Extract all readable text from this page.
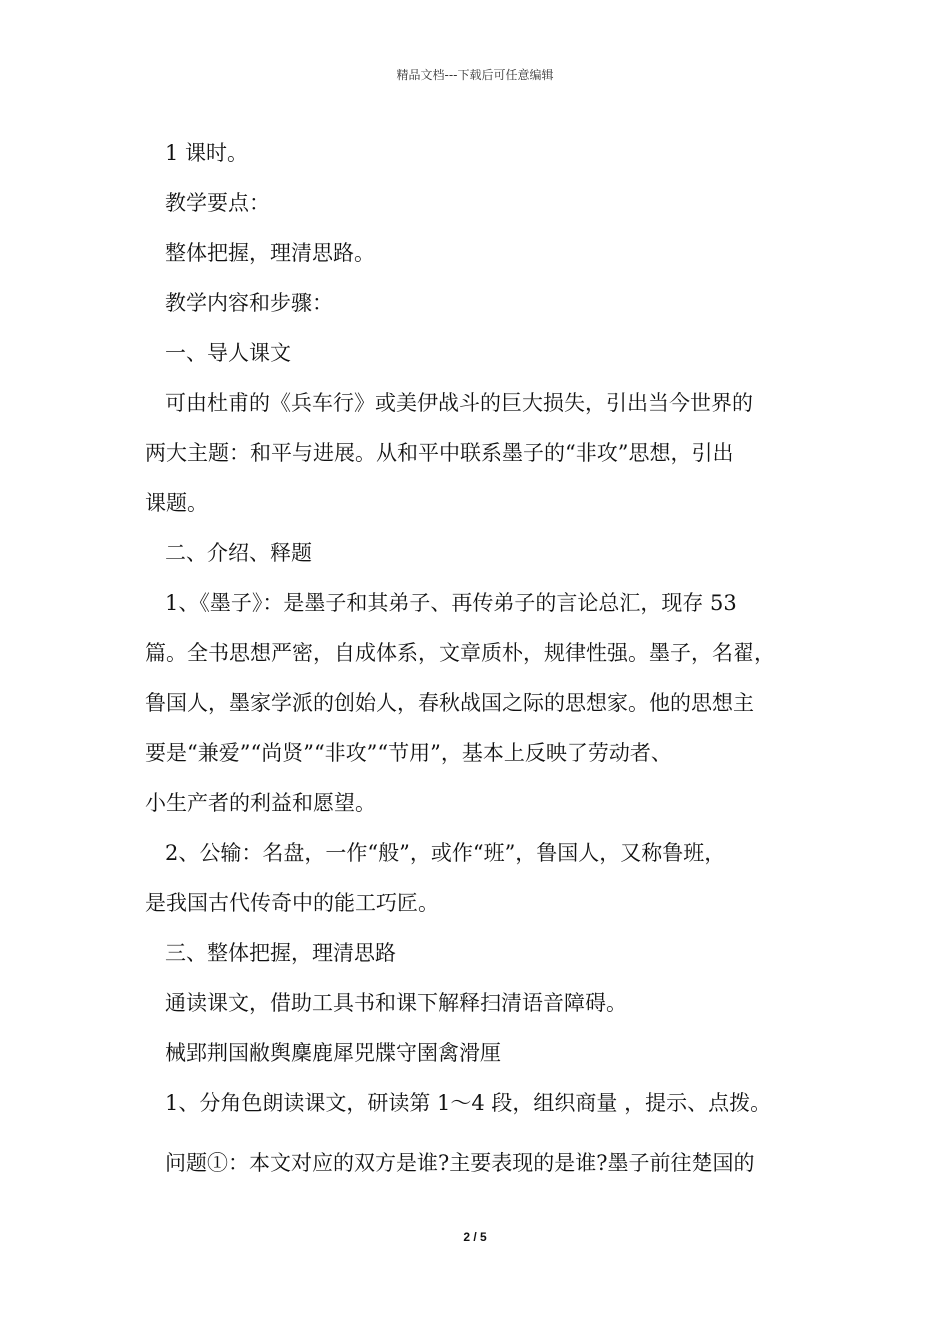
精品文档---下载后可任意编辑
1 课时。
教学要点：
整体把握，理清思路。
教学内容和步骤：
一、导人课文
可由杜甫的《兵车行》或美伊战斗的巨大损失，引出当今世界的
两大主题：和平与进展。从和平中联系墨子的“非攻”思想，引出
课题。
二、介绍、释题
1、《墨子》：是墨子和其弟子、再传弟子的言论总汇，现存 53
篇。全书思想严密，自成体系，文章质朴，规律性强。墨子，名翟，
鲁国人，墨家学派的创始人，春秋战国之际的思想家。他的思想主
要是“兼爱”“尚贤”“非攻”“节用”，基本上反映了劳动者、
小生产者的利益和愿望。
2、公输：名盘，一作“般”，或作“班”，鲁国人，又称鲁班，
是我国古代传奇中的能工巧匠。
三、整体把握，理清思路
通读课文，借助工具书和课下解释扫清语音障碍。
械郢荆国敝舆麇鹿犀兕牒守圉禽滑厘
1、分角色朗读课文，研读第 1～4 段，组织商量 ，提示、点拨。
问题①：本文对应的双方是谁?主要表现的是谁?墨子前往楚国的
2 / 5
